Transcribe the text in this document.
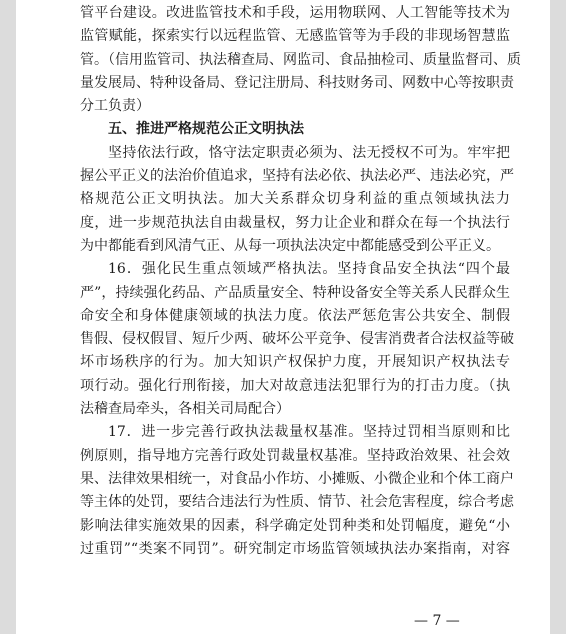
管平台建设。改进监管技术和手段，运用物联网、人工智能等技术为
监管赋能，探索实行以远程监管、无感监管等为手段的非现场智慧监
管。（信用监管司、执法稽查局、网监司、食品抽检司、质量监督司、质
量发展局、特种设备局、登记注册局、科技财务司、网数中心等按职责
分工负责）
五、推进严格规范公正文明执法
坚持依法行政，恪守法定职责必须为、法无授权不可为。牢牢把
握公平正义的法治价值追求，坚持有法必依、执法必严、违法必究，严
格规范公正文明执法。加大关系群众切身利益的重点领域执法力
度，进一步规范执法自由裁量权，努力让企业和群众在每一个执法行
为中都能看到风清气正、从每一项执法决定中都能感受到公平正义。
16．强化民生重点领域严格执法。坚持食品安全执法“四个最
严”，持续强化药品、产品质量安全、特种设备安全等关系人民群众生
命安全和身体健康领域的执法力度。依法严惩危害公共安全、制假
售假、侵权假冒、短斤少两、破坏公平竞争、侵害消费者合法权益等破
坏市场秩序的行为。加大知识产权保护力度，开展知识产权执法专
项行动。强化行刑衔接，加大对故意违法犯罪行为的打击力度。（执
法稽查局牵头，各相关司局配合）
17．进一步完善行政执法裁量权基准。坚持过罚相当原则和比
例原则，指导地方完善行政处罚裁量权基准。坚持政治效果、社会效
果、法律效果相统一，对食品小作坊、小摊贩、小微企业和个体工商户
等主体的处罚，要结合违法行为性质、情节、社会危害程度，综合考虑
影响法律实施效果的因素，科学确定处罚种类和处罚幅度，避免“小
过重罚”“类案不同罚”。研究制定市场监管领域执法办案指南，对容
— 7 —
